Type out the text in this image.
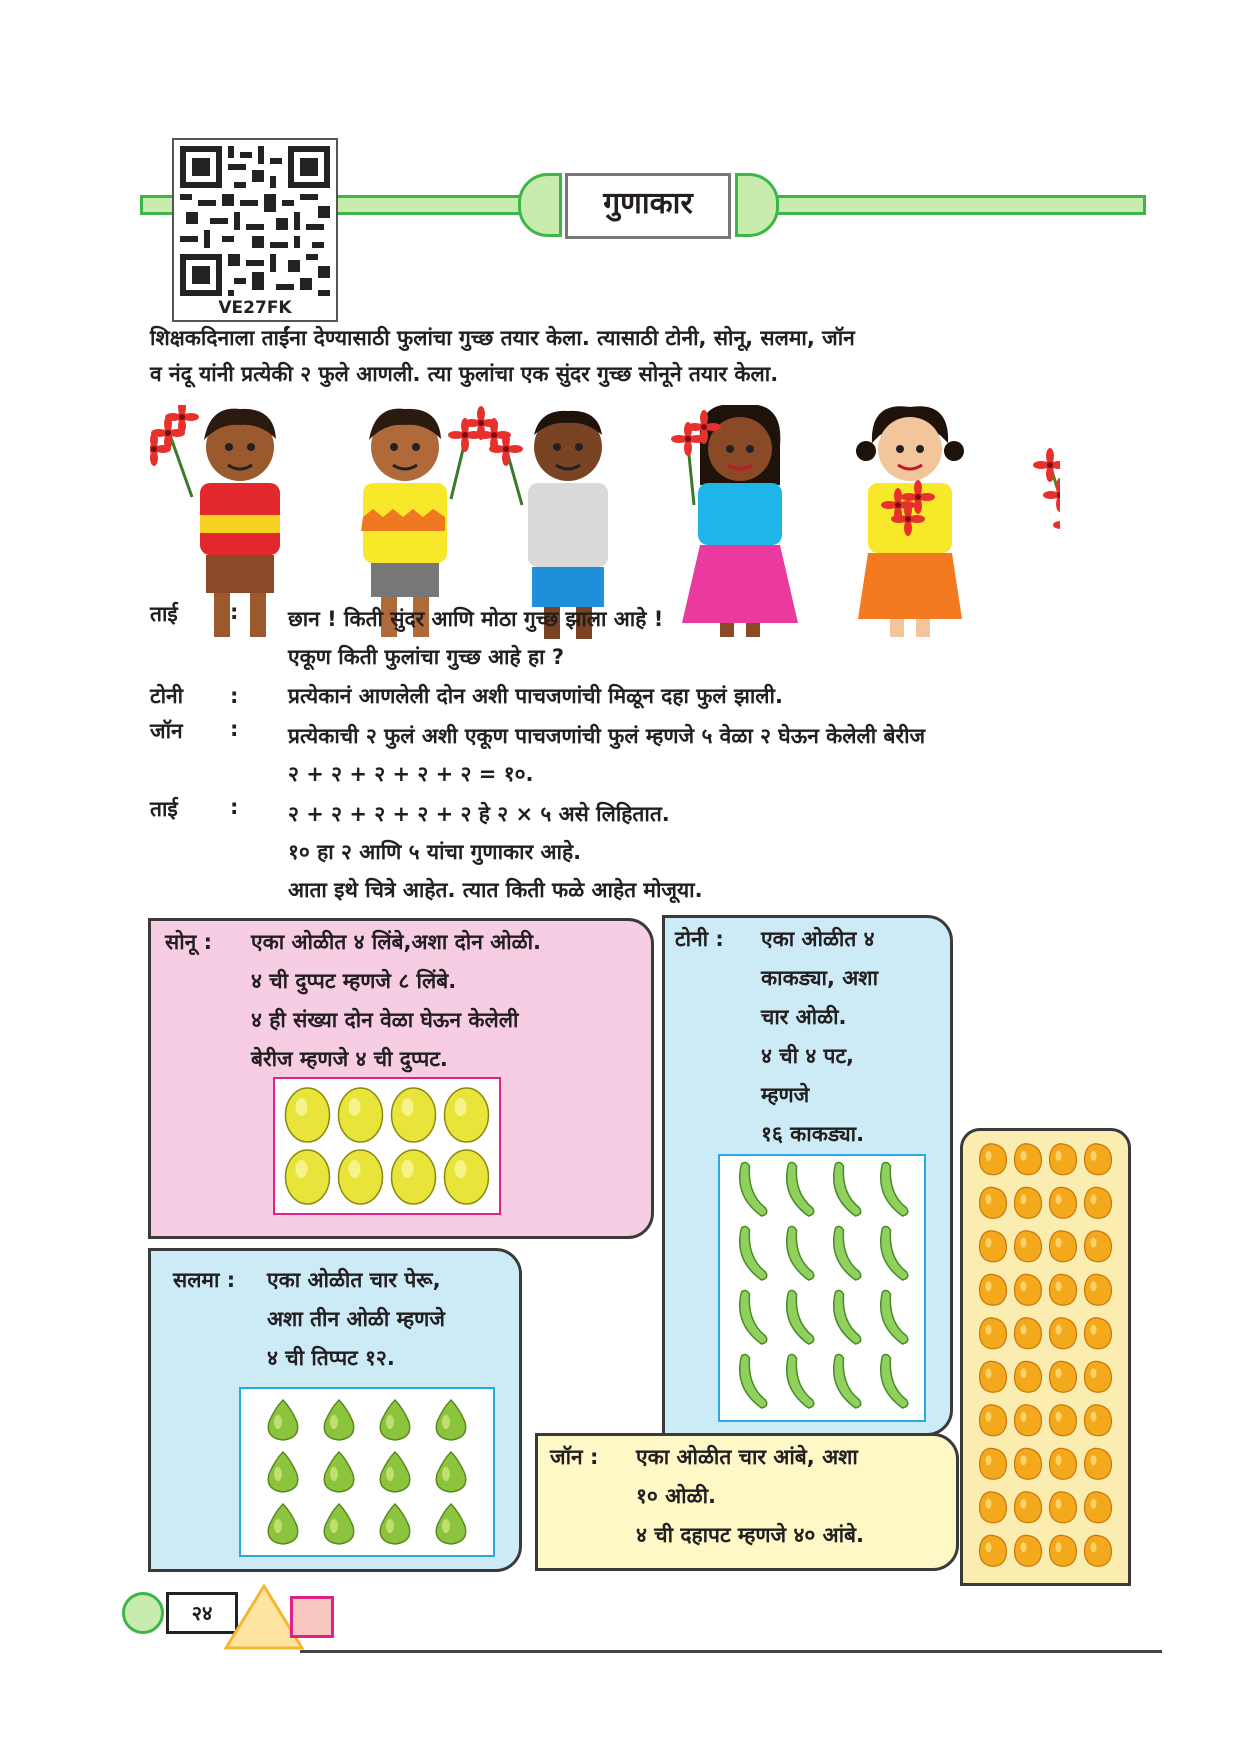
VE27FK
गुणाकार
शिक्षकदिनाला ताईंना देण्यासाठी फुलांचा गुच्छ तयार केला. त्यासाठी टोनी, सोनू, सलमा, जॉन
व नंदू यांनी प्रत्येकी २ फुले आणली. त्या फुलांचा एक सुंदर गुच्छ सोनूने तयार केला.
ताई	:	छान ! किती सुंदर आणि मोठा गुच्छ झाला आहे !
एकूण किती फुलांचा गुच्छ आहे हा ?
टोनी	:	प्रत्येकानं आणलेली दोन अशी पाचजणांची मिळून दहा फुलं झाली.
जॉन	:	प्रत्येकाची २ फुलं अशी एकूण पाचजणांची फुलं म्हणजे ५ वेळा २ घेऊन केलेली बेरीज
२ + २ + २ + २ + २ = १०.
ताई	:	२ + २ + २ + २ + २ हे २ × ५ असे लिहितात.
१० हा २ आणि ५ यांचा गुणाकार आहे.
आता इथे चित्रे आहेत. त्यात किती फळे आहेत मोजूया.
सोनू : एका ओळीत ४ लिंबे,अशा दोन ओळी.
४ ची दुप्पट म्हणजे ८ लिंबे.
४ ही संख्या दोन वेळा घेऊन केलेली
बेरीज म्हणजे ४ ची दुप्पट.
टोनी : एका ओळीत ४
काकड्या, अशा
चार ओळी.
४ ची ४ पट,
म्हणजे
१६ काकड्या.
सलमा : एका ओळीत चार पेरू,
अशा तीन ओळी म्हणजे
४ ची तिप्पट १२.
जॉन : एका ओळीत चार आंबे, अशा
१० ओळी.
४ ची दहापट म्हणजे ४० आंबे.
२४
